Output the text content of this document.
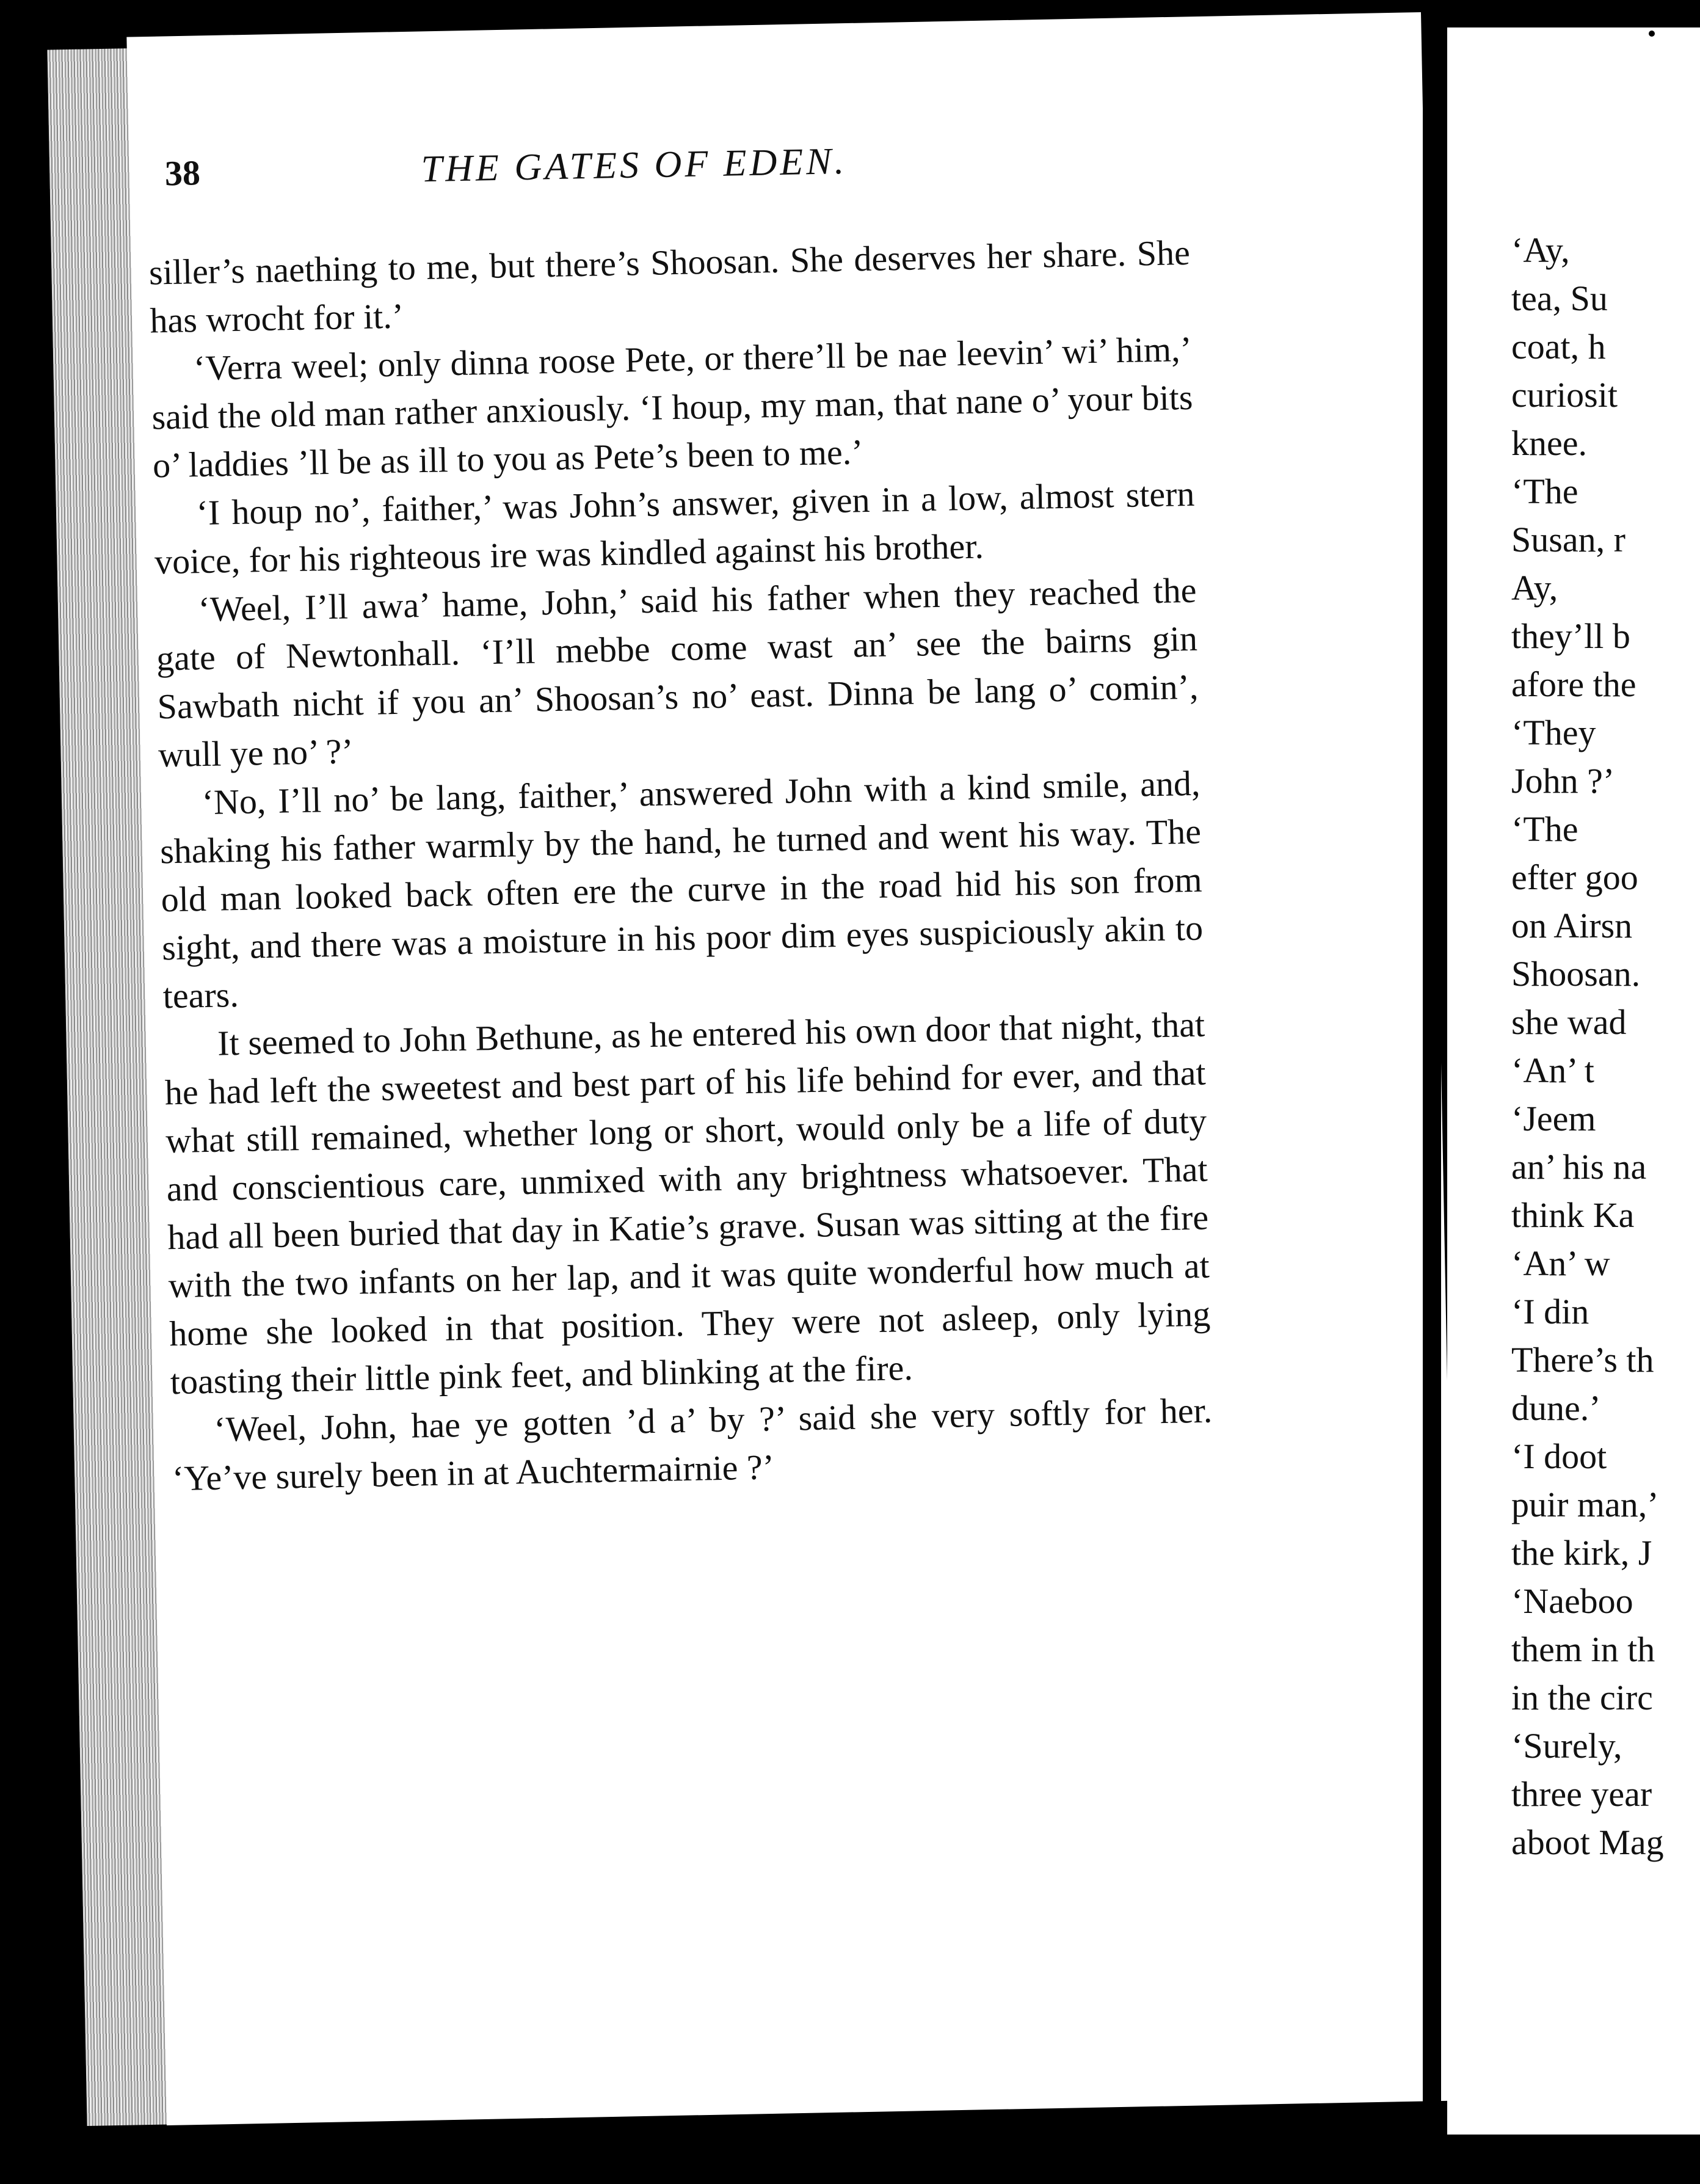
38	THE GATES OF EDEN.

siller’s naething to me, but there’s Shoosan. She deserves her share. She has wrocht for it.’

‘Verra weel; only dinna roose Pete, or there’ll be nae leevin’ wi’ him,’ said the old man rather anxiously. ‘I houp, my man, that nane o’ your bits o’ laddies ’ll be as ill to you as Pete’s been to me.’

‘I houp no’, faither,’ was John’s answer, given in a low, almost stern voice, for his righteous ire was kindled against his brother.

‘Weel, I’ll awa’ hame, John,’ said his father when they reached the gate of Newtonhall. ‘I’ll mebbe come wast an’ see the bairns gin Sawbath nicht if you an’ Shoosan’s no’ east. Dinna be lang o’ comin’, wull ye no’ ?’

‘No, I’ll no’ be lang, faither,’ answered John with a kind smile, and, shaking his father warmly by the hand, he turned and went his way. The old man looked back often ere the curve in the road hid his son from sight, and there was a moisture in his poor dim eyes suspiciously akin to tears.

It seemed to John Bethune, as he entered his own door that night, that he had left the sweetest and best part of his life behind for ever, and that what still remained, whether long or short, would only be a life of duty and conscientious care, unmixed with any brightness whatsoever. That had all been buried that day in Katie’s grave. Susan was sitting at the fire with the two infants on her lap, and it was quite wonderful how much at home she looked in that position. They were not asleep, only lying toasting their little pink feet, and blinking at the fire.

‘Weel, John, hae ye gotten ’d a’ by ?’ said she very softly for her. ‘Ye’ve surely been in at Auchtermairnie ?’

‘Ay,
tea, Su
coat, h
curiosit
knee.
‘The
Susan, r
Ay,
they’ll b
afore the
‘They
John ?’
‘The
efter goo
on Airsn
Shoosan.
she wad
‘An’ t
‘Jeem
an’ his na
think Ka
‘An’ w
‘I din
There’s th
dune.’
‘I doot
puir man,’
the kirk, J
‘Naeboo
them in th
in the circ
‘Surely,
three year
aboot Mag
